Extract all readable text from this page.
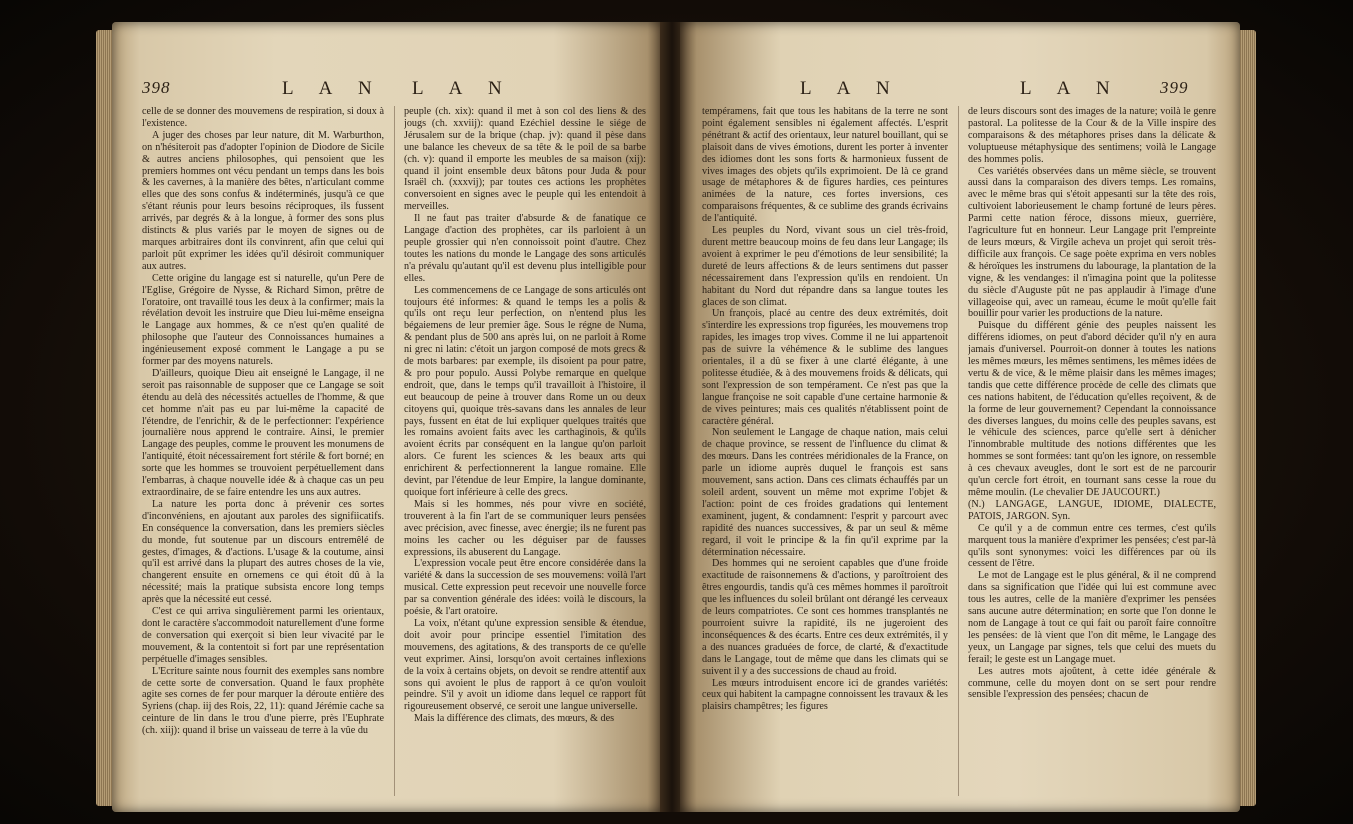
398	L A N L A N

celle de se donner des mouvemens de respiration, si doux à l'existence.

A juger des choses par leur nature, dit M. Warburthon, on n'hésiteroit pas d'adopter l'opinion de Diodore de Sicile & autres anciens philosophes, qui pensoient que les premiers hommes ont vécu pendant un temps dans les bois & les cavernes, à la manière des bêtes, n'articulant comme elles que des sons confus & indéterminés, jusqu'à ce que s'étant réunis pour leurs besoins réciproques, ils fussent arrivés, par degrés & à la longue, à former des sons plus distincts & plus variés par le moyen de signes ou de marques arbitraires dont ils convinrent, afin que celui qui parloit pût exprimer les idées qu'il désiroit communiquer aux autres.

Cette origine du langage est si naturelle, qu'un Pere de l'Eglise, Grégoire de Nysse, & Richard Simon, prêtre de l'oratoire, ont travaillé tous les deux à la confirmer; mais la révélation devoit les instruire que Dieu lui-même enseigna le Langage aux hommes, & ce n'est qu'en qualité de philosophe que l'auteur des Connoissances humaines a ingénieusement exposé comment le Langage a pu se former par des moyens naturels.

D'ailleurs, quoique Dieu ait enseigné le Langage, il ne seroit pas raisonnable de supposer que ce Langage se soit étendu au delà des nécessités actuelles de l'homme, & que cet homme n'ait pas eu par lui-même la capacité de l'étendre, de l'enrichir, & de le perfectionner: l'expérience journalière nous apprend le contraire. Ainsi, le premier Langage des peuples, comme le prouvent les monumens de l'antiquité, étoit nécessairement fort stérile & fort borné; en sorte que les hommes se trouvoient perpétuellement dans l'embarras, à chaque nouvelle idée & à chaque cas un peu extraordinaire, de se faire entendre les uns aux autres.

La nature les porta donc à prévenir ces sortes d'inconvéniens, en ajoutant aux paroles des signifiicatifs. En conséquence la conversation, dans les premiers siècles du monde, fut soutenue par un discours entremêlé de gestes, d'images, & d'actions. L'usage & la coutume, ainsi qu'il est arrivé dans la plupart des autres choses de la vie, changerent ensuite en ornemens ce qui étoit dû à la nécessité; mais la pratique subsista encore long temps après que la nécessité eut cessé.

C'est ce qui arriva singulièrement parmi les orientaux, dont le caractère s'accommodoit naturellement d'une forme de conversation qui exerçoit si bien leur vivacité par le mouvement, & la contentoit si fort par une représentation perpétuelle d'images sensibles.

L'Ecriture sainte nous fournit des exemples sans nombre de cette sorte de conversation. Quand le faux prophète agite ses cornes de fer pour marquer la déroute entière des Syriens (chap. iij des Rois, 22, 11): quand Jérémie cache sa ceinture de lin dans le trou d'une pierre, près l'Euphrate (ch. xiij): quand il brise un vaisseau de terre à la vûe du

peuple (ch. xix): quand il met à son col des liens & des jougs (ch. xxviij): quand Ezéchiel dessine le siége de Jérusalem sur de la brique (chap. jv): quand il pèse dans une balance les cheveux de sa tête & le poil de sa barbe (ch. v): quand il emporte les meubles de sa maison (xij): quand il joint ensemble deux bâtons pour Juda & pour Israël ch. (xxxvij); par toutes ces actions les prophètes conversoient en signes avec le peuple qui les entendoit à merveilles.

Il ne faut pas traiter d'absurde & de fanatique ce Langage d'action des prophètes, car ils parloient à un peuple grossier qui n'en connoissoit point d'autre. Chez toutes les nations du monde le Langage des sons articulés n'a prévalu qu'autant qu'il est devenu plus intelligible pour elles.

Les commencemens de ce Langage de sons articulés ont toujours été informes: & quand le temps les a polis & qu'ils ont reçu leur perfection, on n'entend plus les bégaiemens de leur premier âge. Sous le régne de Numa, & pendant plus de 500 ans après lui, on ne parloit à Rome ni grec ni latin: c'étoit un jargon composé de mots grecs & de mots barbares: par exemple, ils disoient pa pour patre, & pro pour populo. Aussi Polybe remarque en quelque endroit, que, dans le temps qu'il travailloit à l'histoire, il eut beaucoup de peine à trouver dans Rome un ou deux citoyens qui, quoique très-savans dans les annales de leur pays, fussent en état de lui expliquer quelques traités que les romains avoient faits avec les carthaginois, & qu'ils avoient écrits par conséquent en la langue qu'on parloit alors. Ce furent les sciences & les beaux arts qui enrichirent & perfectionnerent la langue romaine. Elle devint, par l'étendue de leur Empire, la langue dominante, quoique fort inférieure à celle des grecs.

Mais si les hommes, nés pour vivre en société, trouverent à la fin l'art de se communiquer leurs pensées avec précision, avec finesse, avec énergie; ils ne furent pas moins les cacher ou les déguiser par de fausses expressions, ils abuserent du Langage.

L'expression vocale peut être encore considérée dans la variété & dans la succession de ses mouvemens: voilà l'art musical. Cette expression peut recevoir une nouvelle force par sa convention générale des idées: voilà le discours, la poésie, & l'art oratoire.

La voix, n'étant qu'une expression sensible & étendue, doit avoir pour principe essentiel l'imitation des mouvemens, des agitations, & des transports de ce qu'elle veut exprimer. Ainsi, lorsqu'on avoit certaines inflexions de la voix à certains objets, on devoit se rendre attentif aux sons qui avoient le plus de rapport à ce qu'on vouloit peindre. S'il y avoit un idiome dans lequel ce rapport fût rigoureusement observé, ce seroit une langue universelle.

Mais la différence des climats, des mœurs, & des

L A N	L A N 399

tempéramens, fait que tous les habitans de la terre ne sont point également sensibles ni également affectés. L'esprit pénétrant & actif des orientaux, leur naturel bouillant, qui se plaisoit dans de vives émotions, durent les porter à inventer des idiomes dont les sons forts & harmonieux fussent de vives images des objets qu'ils exprimoient. De là ce grand usage de métaphores & de figures hardies, ces peintures animées de la nature, ces fortes inversions, ces comparaisons fréquentes, & ce sublime des grands écrivains de l'antiquité.

Les peuples du Nord, vivant sous un ciel très-froid, durent mettre beaucoup moins de feu dans leur Langage; ils avoient à exprimer le peu d'émotions de leur sensibilité; la dureté de leurs affections & de leurs sentimens dut passer nécessairement dans l'expression qu'ils en rendoient. Un habitant du Nord dut répandre dans sa langue toutes les glaces de son climat.

Un françois, placé au centre des deux extrémités, doit s'interdire les expressions trop figurées, les mouvemens trop rapides, les images trop vives. Comme il ne lui appartenoit pas de suivre la véhémence & le sublime des langues orientales, il a dû se fixer à une clarté élégante, à une politesse étudiée, & à des mouvemens froids & délicats, qui sont l'expression de son tempérament. Ce n'est pas que la langue françoise ne soit capable d'une certaine harmonie & de vives peintures; mais ces qualités n'établissent point de caractère général.

Non seulement le Langage de chaque nation, mais celui de chaque province, se ressent de l'influence du climat & des mœurs. Dans les contrées méridionales de la France, on parle un idiome auprès duquel le françois est sans mouvement, sans action. Dans ces climats échauffés par un soleil ardent, souvent un même mot exprime l'objet & l'action: point de ces froides gradations qui lentement examinent, jugent, & condamnent: l'esprit y parcourt avec rapidité des nuances successives, & par un seul & même regard, il voit le principe & la fin qu'il exprime par la détermination nécessaire.

Des hommes qui ne seroient capables que d'une froide exactitude de raisonnemens & d'actions, y paroîtroient des êtres engourdis, tandis qu'à ces mêmes hommes il paroîtroit que les influences du soleil brûlant ont dérangé les cerveaux de leurs compatriotes. Ce sont ces hommes transplantés ne pourroient suivre la rapidité, ils ne jugeroient des inconséquences & des écarts. Entre ces deux extrémités, il y a des nuances graduées de force, de clarté, & d'exactitude dans le Langage, tout de même que dans les climats qui se suivent il y a des successions de chaud au froid.

Les mœurs introduisent encore ici de grandes variétés: ceux qui habitent la campagne connoissent les travaux & les plaisirs champêtres; les figures

de leurs discours sont des images de la nature; voilà le genre pastoral. La politesse de la Cour & de la Ville inspire des comparaisons & des métaphores prises dans la délicate & voluptueuse métaphysique des sentimens; voilà le Langage des hommes polis.

Ces variétés observées dans un même siècle, se trouvent aussi dans la comparaison des divers temps. Les romains, avec le même bras qui s'étoit appesanti sur la tête des rois, cultivoient laborieusement le champ fortuné de leurs pères. Parmi cette nation féroce, dissons mieux, guerrière, l'agriculture fut en honneur. Leur Langage prit l'empreinte de leurs mœurs, & Virgile acheva un projet qui seroit très-difficile aux françois. Ce sage poète exprima en vers nobles & héroïques les instrumens du labourage, la plantation de la vigne, & les vendanges: il n'imagina point que la politesse du siècle d'Auguste pût ne pas applaudir à l'image d'une villageoise qui, avec un rameau, écume le moût qu'elle fait bouillir pour varier les productions de la nature.

Puisque du différent génie des peuples naissent les différens idiomes, on peut d'abord décider qu'il n'y en aura jamais d'universel. Pourroit-on donner à toutes les nations les mêmes mœurs, les mêmes sentimens, les mêmes idées de vertu & de vice, & le même plaisir dans les mêmes images; tandis que cette différence procède de celle des climats que ces nations habitent, de l'éducation qu'elles reçoivent, & de la forme de leur gouvernement? Cependant la connoissance des diverses langues, du moins celle des peuples savans, est le véhicule des sciences, parce qu'elle sert à dénicher l'innombrable multitude des notions différentes que les hommes se sont formées: tant qu'on les ignore, on ressemble à ces chevaux aveugles, dont le sort est de ne parcourir qu'un cercle fort étroit, en tournant sans cesse la roue du même moulin. (Le chevalier DE JAUCOURT.)

(N.) LANGAGE, LANGUE, IDIOME, DIALECTE, PATOIS, JARGON. Syn.

Ce qu'il y a de commun entre ces termes, c'est qu'ils marquent tous la manière d'exprimer les pensées; c'est par-là qu'ils sont synonymes: voici les différences par où ils cessent de l'être.

Le mot de Langage est le plus général, & il ne comprend dans sa signification que l'idée qui lui est commune avec tous les autres, celle de la manière d'exprimer les pensées sans aucune autre détermination; en sorte que l'on donne le nom de Langage à tout ce qui fait ou paroît faire connoître les pensées: de là vient que l'on dit même, le Langage des yeux, un Langage par signes, tels que celui des muets du ferail; le geste est un Langage muet.

Les autres mots ajoûtent, à cette idée générale & commune, celle du moyen dont on se sert pour rendre sensible l'expression des pensées; chacun de
